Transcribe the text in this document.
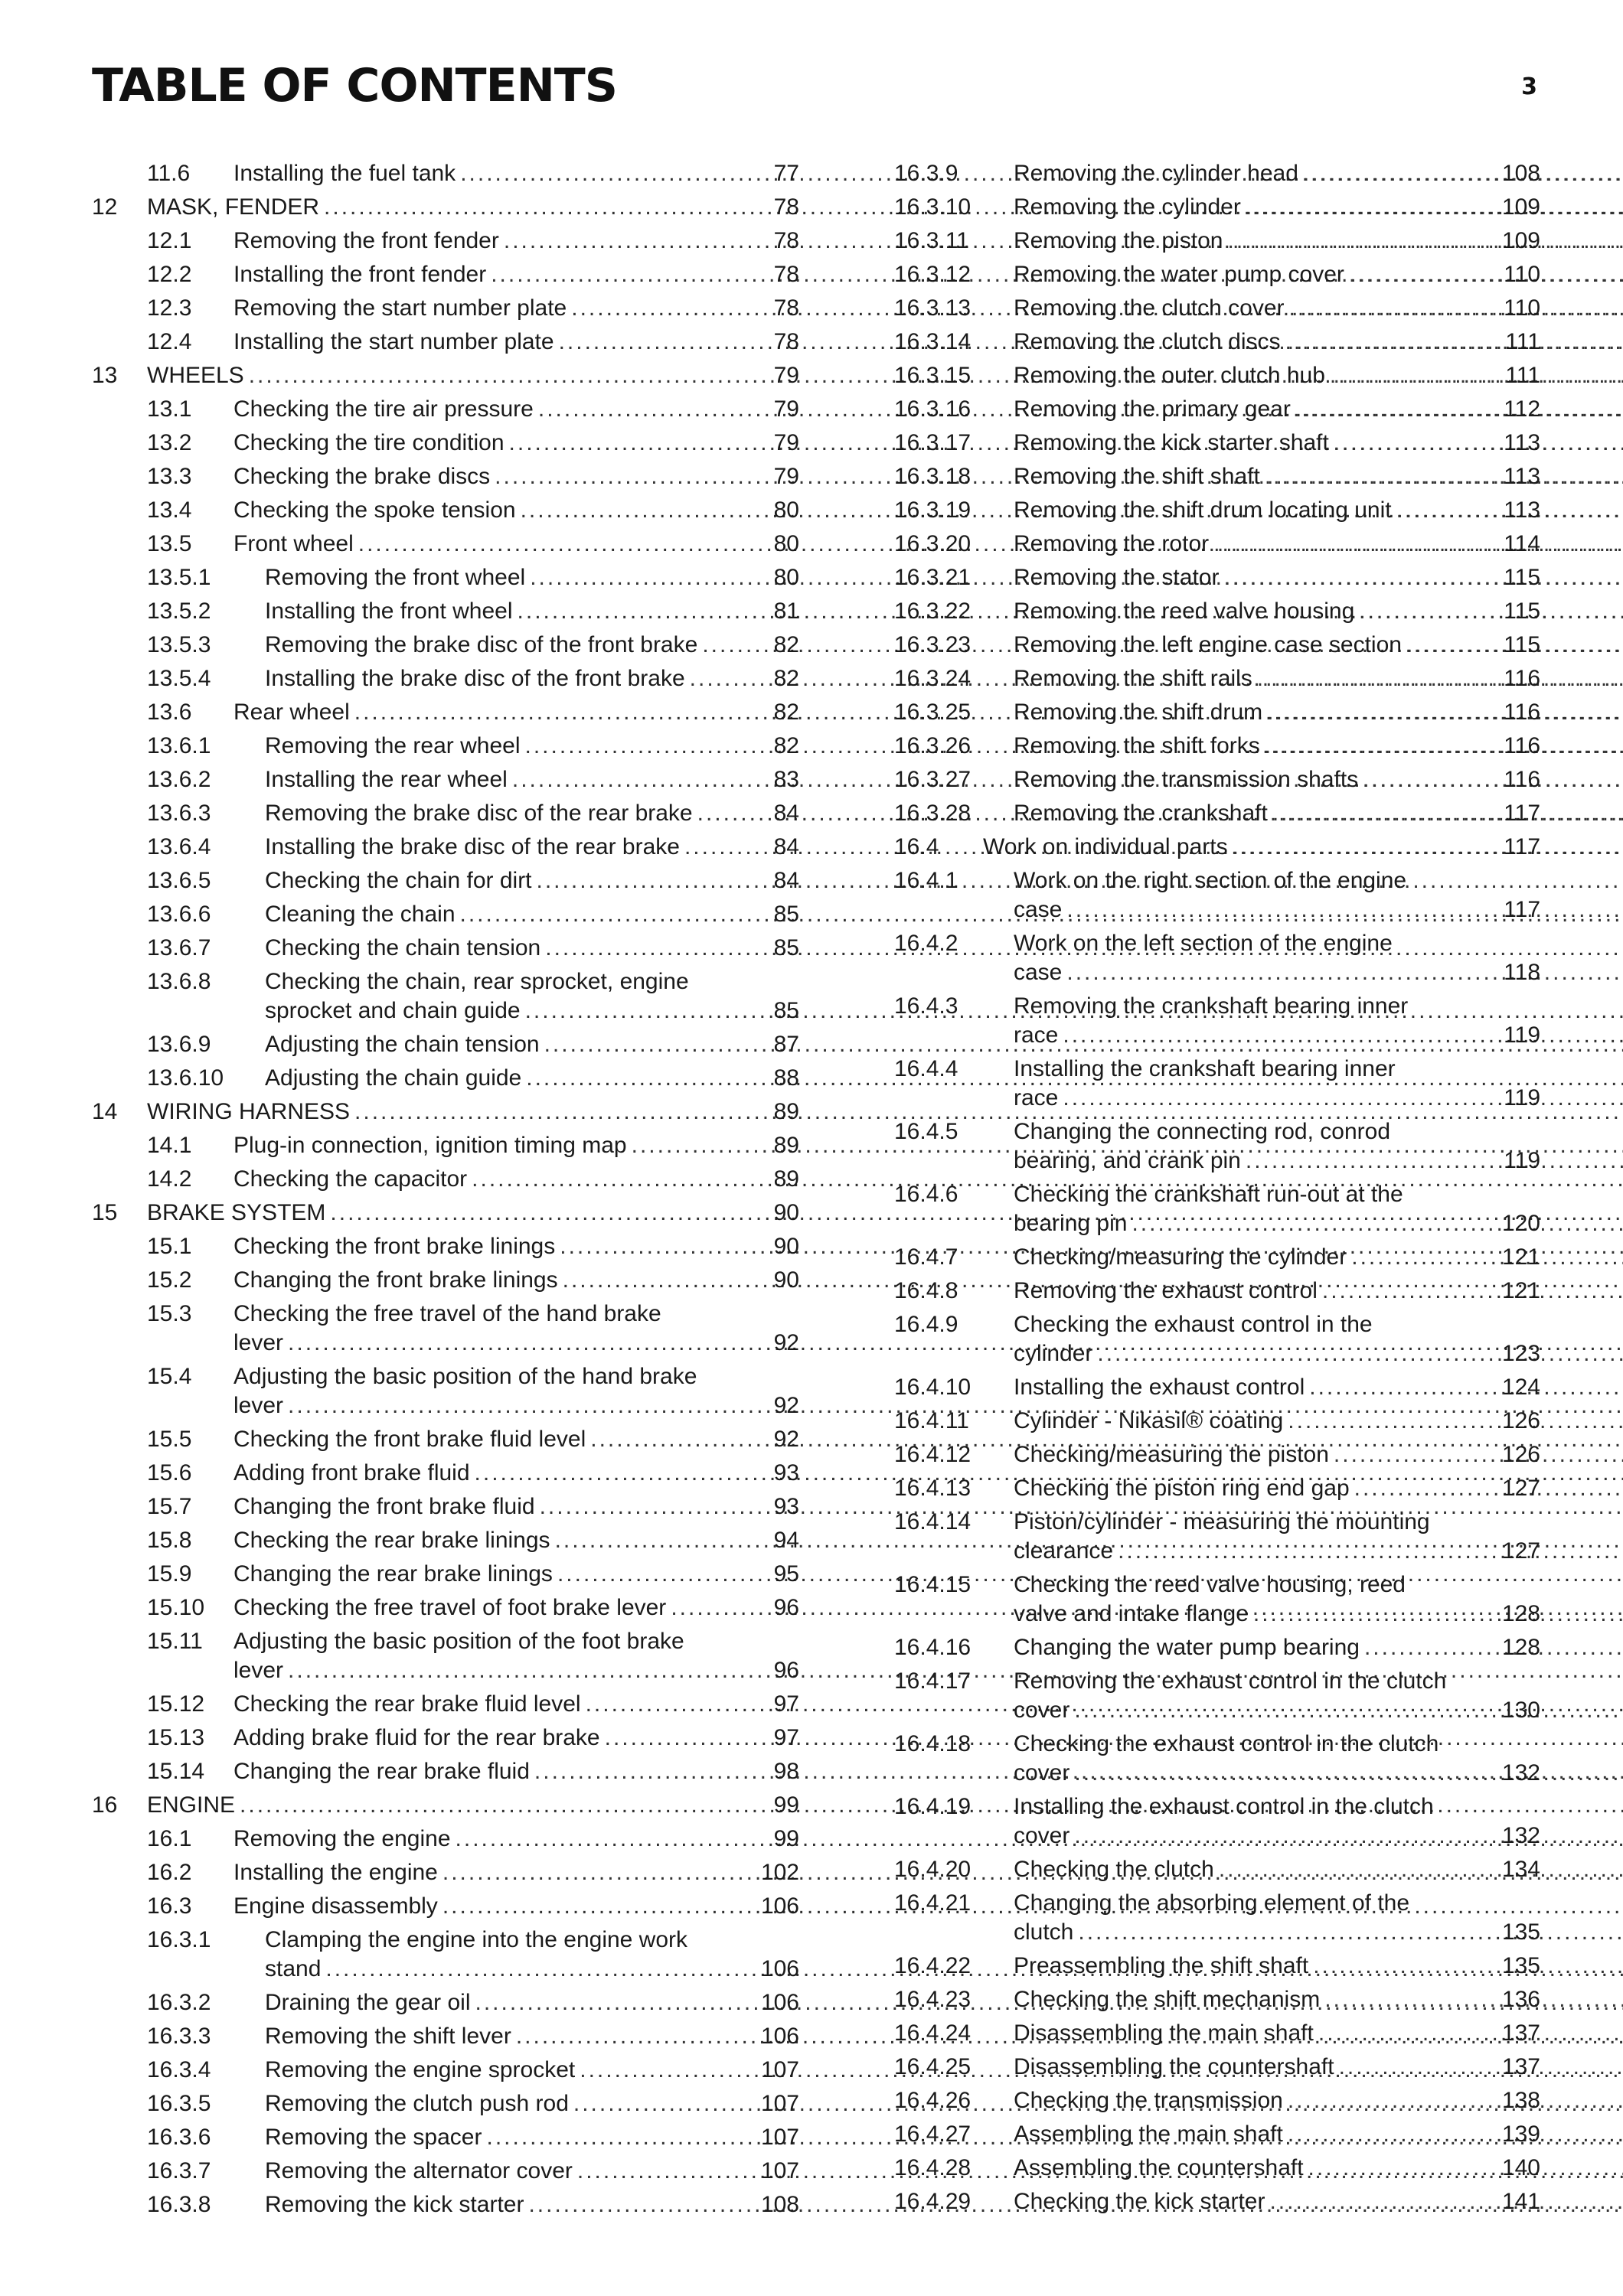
TABLE OF CONTENTS	3
11.6 Installing the fuel tank .....	77
12 MASK, FENDER .....	78
12.1 Removing the front fender .....	78
12.2 Installing the front fender .....	78
12.3 Removing the start number plate .....	78
12.4 Installing the start number plate .....	78
13 WHEELS .....	79
13.1 Checking the tire air pressure .....	79
13.2 Checking the tire condition .....	79
13.3 Checking the brake discs .....	79
13.4 Checking the spoke tension .....	80
13.5 Front wheel .....	80
13.5.1 Removing the front wheel .....	80
13.5.2 Installing the front wheel .....	81
13.5.3 Removing the brake disc of the front brake .....	82
13.5.4 Installing the brake disc of the front brake .....	82
13.6 Rear wheel .....	82
13.6.1 Removing the rear wheel .....	82
13.6.2 Installing the rear wheel .....	83
13.6.3 Removing the brake disc of the rear brake .....	84
13.6.4 Installing the brake disc of the rear brake .....	84
13.6.5 Checking the chain for dirt .....	84
13.6.6 Cleaning the chain .....	85
13.6.7 Checking the chain tension .....	85
13.6.8 Checking the chain, rear sprocket, engine
sprocket and chain guide .....	85
13.6.9 Adjusting the chain tension .....	87
13.6.10 Adjusting the chain guide .....	88
14 WIRING HARNESS .....	89
14.1 Plug-in connection, ignition timing map .....	89
14.2 Checking the capacitor .....	89
15 BRAKE SYSTEM .....	90
15.1 Checking the front brake linings .....	90
15.2 Changing the front brake linings .....	90
15.3 Checking the free travel of the hand brake
lever .....	92
15.4 Adjusting the basic position of the hand brake
lever .....	92
15.5 Checking the front brake fluid level .....	92
15.6 Adding front brake fluid .....	93
15.7 Changing the front brake fluid .....	93
15.8 Checking the rear brake linings .....	94
15.9 Changing the rear brake linings .....	95
15.10 Checking the free travel of foot brake lever .....	96
15.11 Adjusting the basic position of the foot brake
lever .....	96
15.12 Checking the rear brake fluid level .....	97
15.13 Adding brake fluid for the rear brake .....	97
15.14 Changing the rear brake fluid .....	98
16 ENGINE .....	99
16.1 Removing the engine .....	99
16.2 Installing the engine .....	102
16.3 Engine disassembly .....	106
16.3.1 Clamping the engine into the engine work
stand .....	106
16.3.2 Draining the gear oil .....	106
16.3.3 Removing the shift lever .....	106
16.3.4 Removing the engine sprocket .....	107
16.3.5 Removing the clutch push rod .....	107
16.3.6 Removing the spacer .....	107
16.3.7 Removing the alternator cover .....	107
16.3.8 Removing the kick starter .....	108
16.3.9 Removing the cylinder head .....	108
16.3.10 Removing the cylinder .....	109
16.3.11 Removing the piston .....	109
16.3.12 Removing the water pump cover .....	110
16.3.13 Removing the clutch cover .....	110
16.3.14 Removing the clutch discs .....	111
16.3.15 Removing the outer clutch hub .....	111
16.3.16 Removing the primary gear .....	112
16.3.17 Removing the kick starter shaft .....	113
16.3.18 Removing the shift shaft .....	113
16.3.19 Removing the shift drum locating unit .....	113
16.3.20 Removing the rotor .....	114
16.3.21 Removing the stator .....	115
16.3.22 Removing the reed valve housing .....	115
16.3.23 Removing the left engine case section .....	115
16.3.24 Removing the shift rails .....	116
16.3.25 Removing the shift drum .....	116
16.3.26 Removing the shift forks .....	116
16.3.27 Removing the transmission shafts .....	116
16.3.28 Removing the crankshaft .....	117
16.4 Work on individual parts .....	117
16.4.1 Work on the right section of the engine
case .....	117
16.4.2 Work on the left section of the engine
case .....	118
16.4.3 Removing the crankshaft bearing inner
race .....	119
16.4.4 Installing the crankshaft bearing inner
race .....	119
16.4.5 Changing the connecting rod, conrod
bearing, and crank pin .....	119
16.4.6 Checking the crankshaft run-out at the
bearing pin .....	120
16.4.7 Checking/measuring the cylinder .....	121
16.4.8 Removing the exhaust control .....	121
16.4.9 Checking the exhaust control in the
cylinder .....	123
16.4.10 Installing the exhaust control .....	124
16.4.11 Cylinder - Nikasil® coating .....	126
16.4.12 Checking/measuring the piston .....	126
16.4.13 Checking the piston ring end gap .....	127
16.4.14 Piston/cylinder - measuring the mounting
clearance .....	127
16.4.15 Checking the reed valve housing, reed
valve and intake flange .....	128
16.4.16 Changing the water pump bearing .....	128
16.4.17 Removing the exhaust control in the clutch
cover .....	130
16.4.18 Checking the exhaust control in the clutch
cover .....	132
16.4.19 Installing the exhaust control in the clutch
cover .....	132
16.4.20 Checking the clutch .....	134
16.4.21 Changing the absorbing element of the
clutch .....	135
16.4.22 Preassembling the shift shaft .....	135
16.4.23 Checking the shift mechanism .....	136
16.4.24 Disassembling the main shaft .....	137
16.4.25 Disassembling the countershaft .....	137
16.4.26 Checking the transmission .....	138
16.4.27 Assembling the main shaft .....	139
16.4.28 Assembling the countershaft .....	140
16.4.29 Checking the kick starter .....	141
